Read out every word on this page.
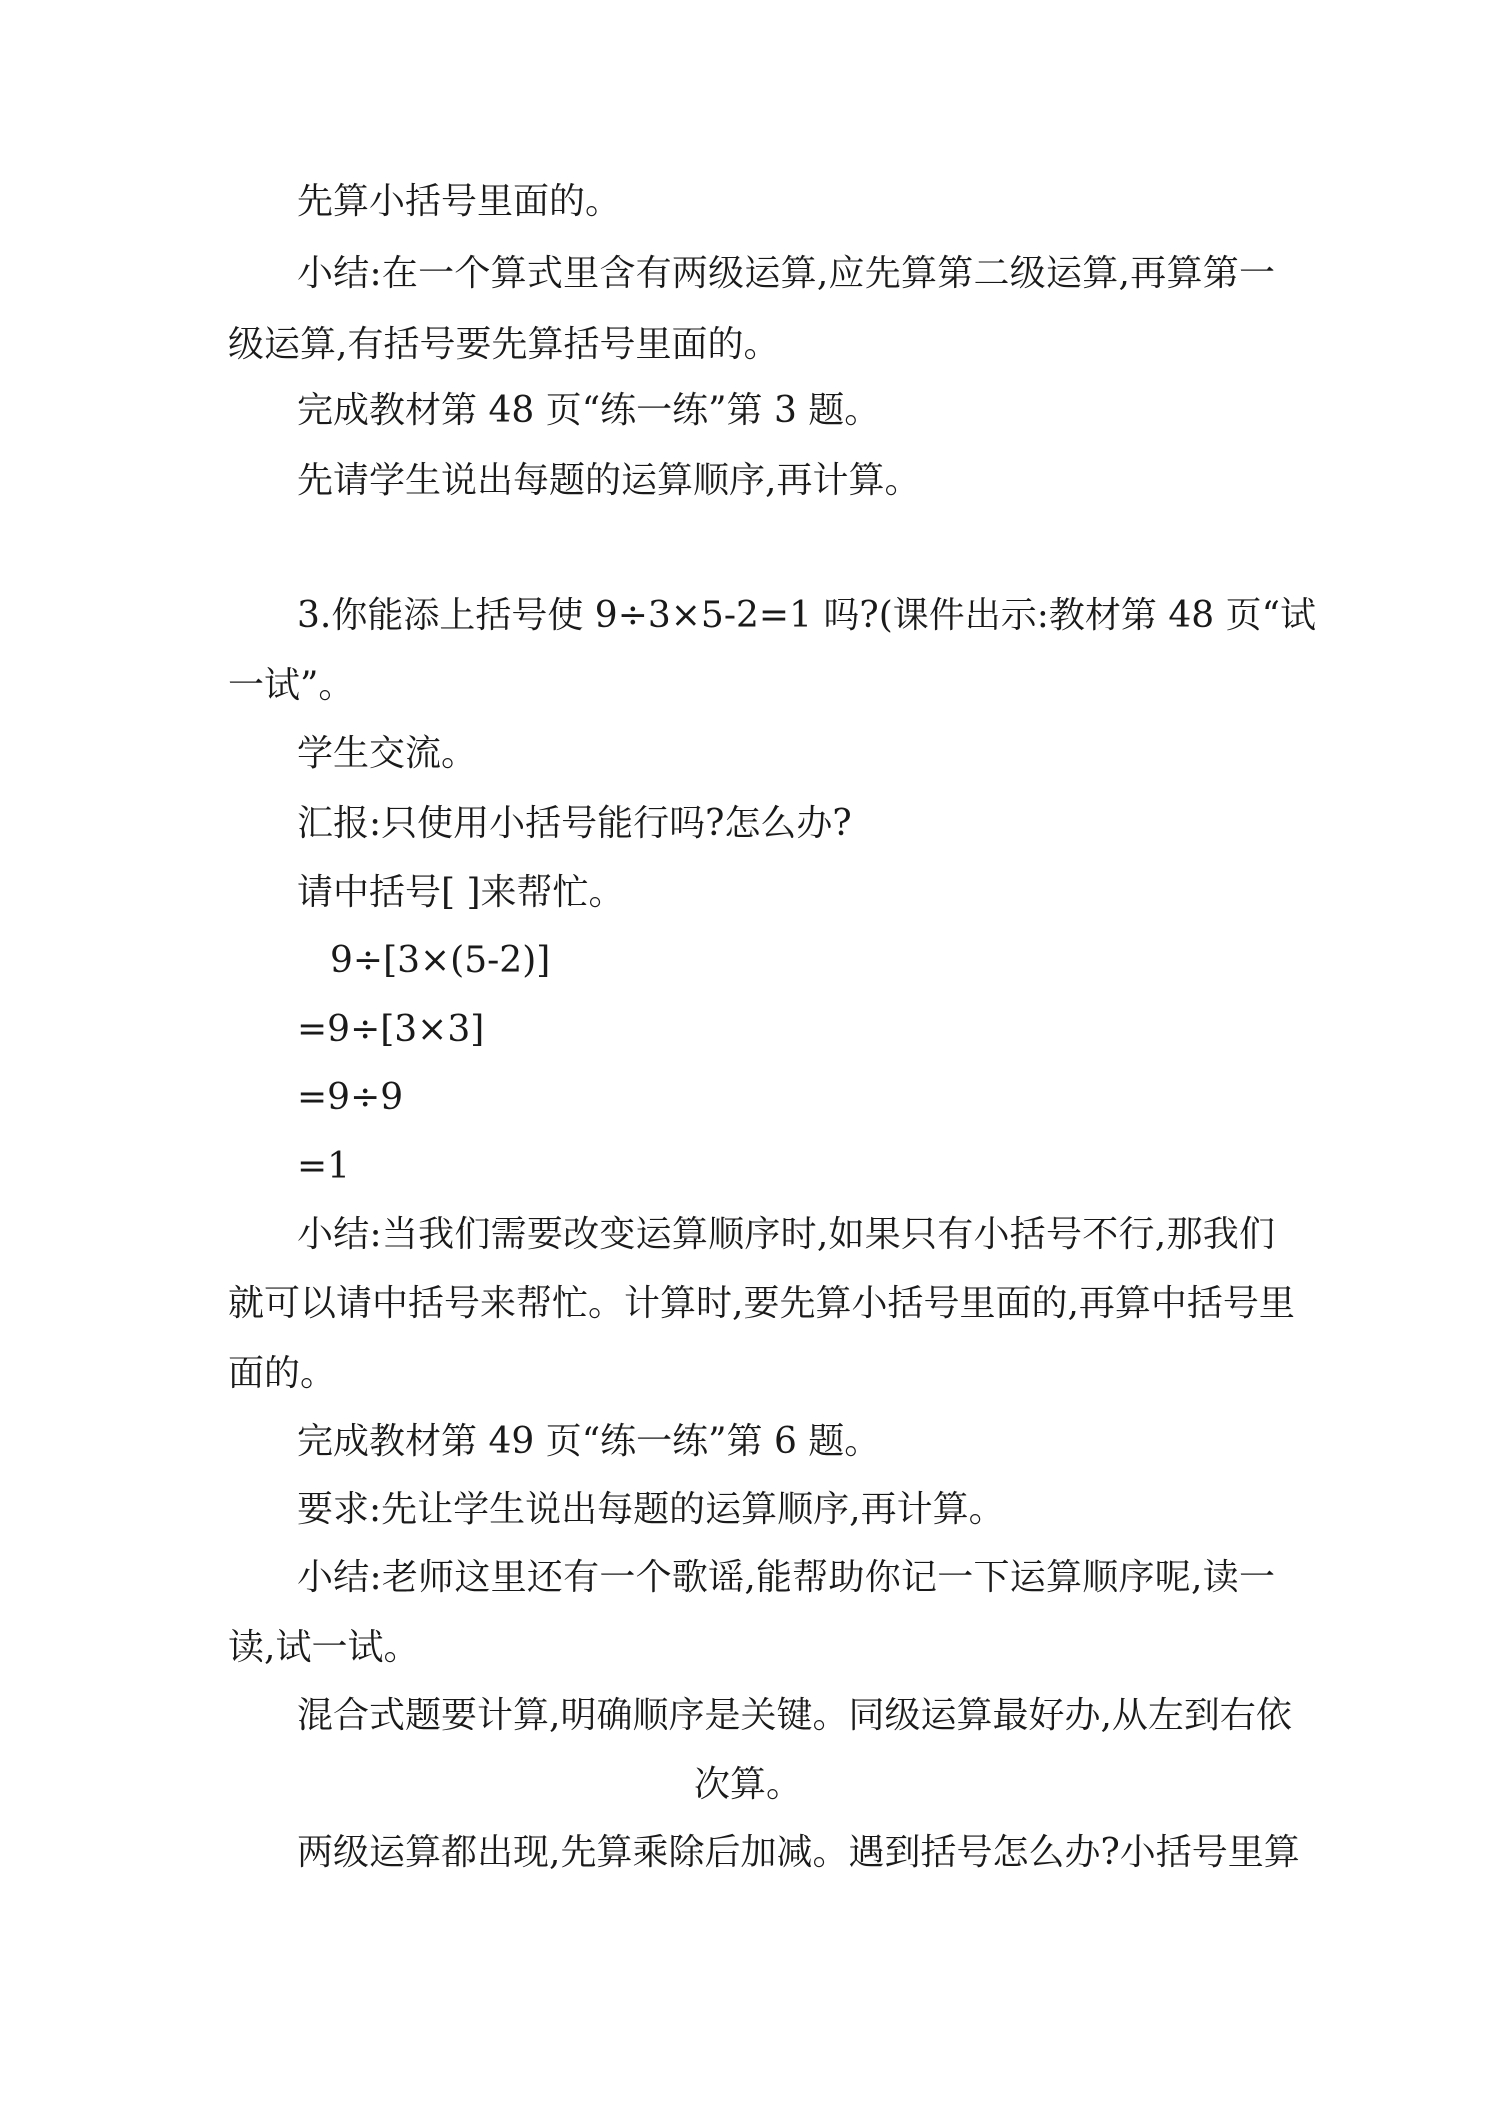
先算小括号里面的。
小结:在一个算式里含有两级运算,应先算第二级运算,再算第一
级运算,有括号要先算括号里面的。
完成教材第 48 页“练一练”第 3 题。
先请学生说出每题的运算顺序,再计算。
3.你能添上括号使 9÷3×5-2=1 吗?(课件出示:教材第 48 页“试
一试”。
学生交流。
汇报:只使用小括号能行吗?怎么办?
请中括号[ ]来帮忙。
9÷[3×(5-2)]
=9÷[3×3]
=9÷9
=1
小结:当我们需要改变运算顺序时,如果只有小括号不行,那我们
就可以请中括号来帮忙。计算时,要先算小括号里面的,再算中括号里
面的。
完成教材第 49 页“练一练”第 6 题。
要求:先让学生说出每题的运算顺序,再计算。
小结:老师这里还有一个歌谣,能帮助你记一下运算顺序呢,读一
读,试一试。
混合式题要计算,明确顺序是关键。同级运算最好办,从左到右依
次算。
两级运算都出现,先算乘除后加减。遇到括号怎么办?小括号里算
